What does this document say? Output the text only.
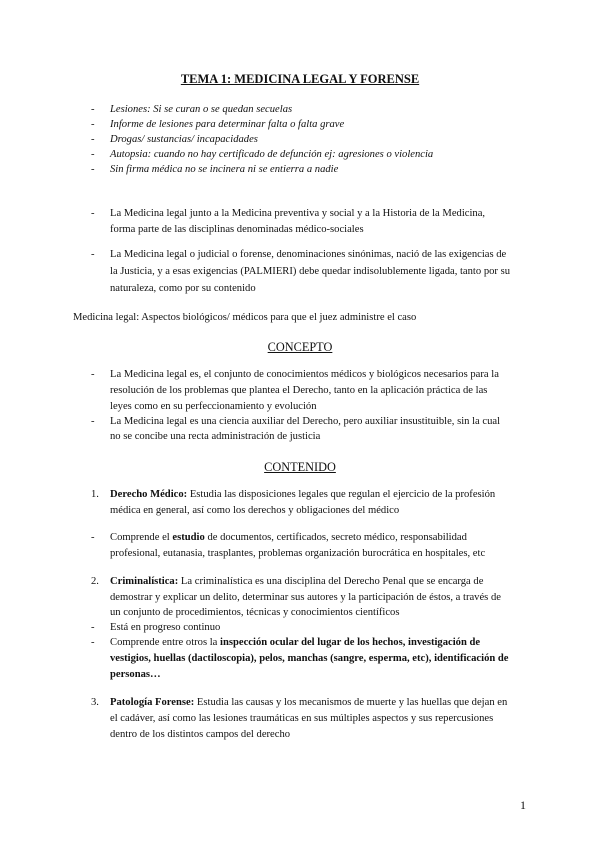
TEMA 1: MEDICINA LEGAL Y FORENSE
- Lesiones: Si se curan o se quedan secuelas
- Informe de lesiones para determinar falta o falta grave
- Drogas/ sustancias/ incapacidades
- Autopsia: cuando no hay certificado de defunción ej: agresiones o violencia
- Sin firma médica no se incinera ni se entierra a nadie
- La Medicina legal junto a la Medicina preventiva y social y a la Historia de la Medicina,
forma parte de las disciplinas denominadas médico-sociales
- La Medicina legal o judicial o forense, denominaciones sinónimas, nació de las exigencias de
la Justicia, y a esas exigencias (PALMIERI) debe quedar indisolublemente ligada, tanto por su
naturaleza, como por su contenido
Medicina legal: Aspectos biológicos/ médicos para que el juez administre el caso
CONCEPTO
- La Medicina legal es, el conjunto de conocimientos médicos y biológicos necesarios para la
resolución de los problemas que plantea el Derecho, tanto en la aplicación práctica de las
leyes como en su perfeccionamiento y evolución
- La Medicina legal es una ciencia auxiliar del Derecho, pero auxiliar insustituible, sin la cual
no se concibe una recta administración de justicia
CONTENIDO
1. Derecho Médico: Estudia las disposiciones legales que regulan el ejercicio de la profesión
médica en general, así como los derechos y obligaciones del médico
- Comprende el estudio de documentos, certificados, secreto médico, responsabilidad
profesional, eutanasia, trasplantes, problemas organización burocrática en hospitales, etc
2. Criminalística: La criminalística es una disciplina del Derecho Penal que se encarga de
demostrar y explicar un delito, determinar sus autores y la participación de éstos, a través de
un conjunto de procedimientos, técnicas y conocimientos científicos
- Está en progreso continuo
- Comprende entre otros la inspección ocular del lugar de los hechos, investigación de
vestigios, huellas (dactiloscopia), pelos, manchas (sangre, esperma, etc), identificación de
personas…
3. Patología Forense: Estudia las causas y los mecanismos de muerte y las huellas que dejan en
el cadáver, así como las lesiones traumáticas en sus múltiples aspectos y sus repercusiones
dentro de los distintos campos del derecho
1
